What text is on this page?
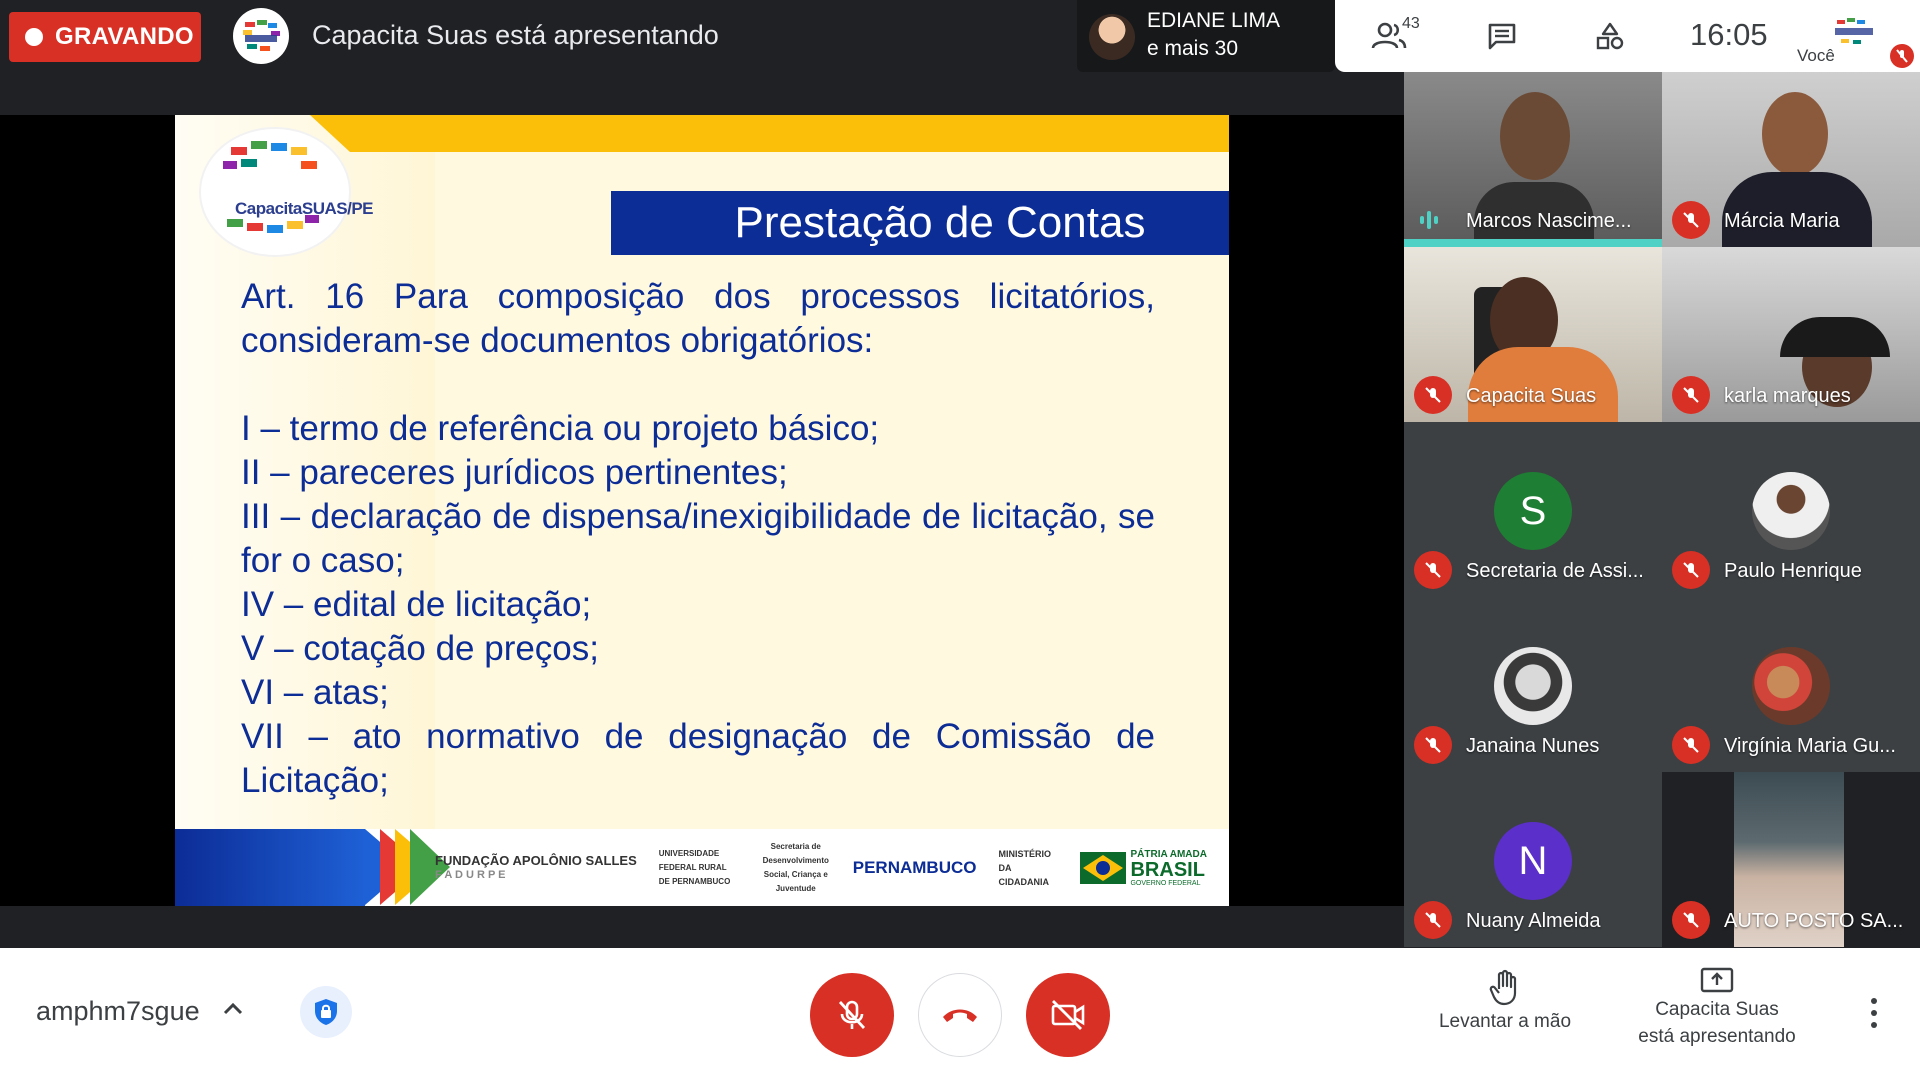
GRAVANDO	Capacita Suas está apresentando	EDIANE LIMA
e mais 30
43	16:05
Você
CapacitaSUAS/PE	Prestação de Contas

Art. 16 Para composição dos processos licitatórios, consideram-se documentos obrigatórios:

I – termo de referência ou projeto básico;

II – pareceres jurídicos pertinentes;

III – declaração de dispensa/inexigibilidade de licitação, se for o caso;

IV – edital de licitação;

V – cotação de preços;

VI – atas;

VII – ato normativo de designação de Comissão de Licitação;

FUNDAÇÃO APOLÔNIO SALLES
F A D U R P E
UNIVERSIDADE FEDERAL RURAL DE PERNAMBUCO
Secretaria de Desenvolvimento Social, Criança e Juventude
PERNAMBUCO
MINISTÉRIO DA CIDADANIA
PÁTRIA AMADA
BRASIL
GOVERNO FEDERAL
Marcos Nascime...	Márcia Maria
Capacita Suas	karla marques
S
Secretaria de Assi...	Paulo Henrique
Janaina Nunes	Virgínia Maria Gu...
N
Nuany Almeida	AUTO POSTO SA...
amphm7sgue	Levantar a mão
Capacita Suas
está apresentando
